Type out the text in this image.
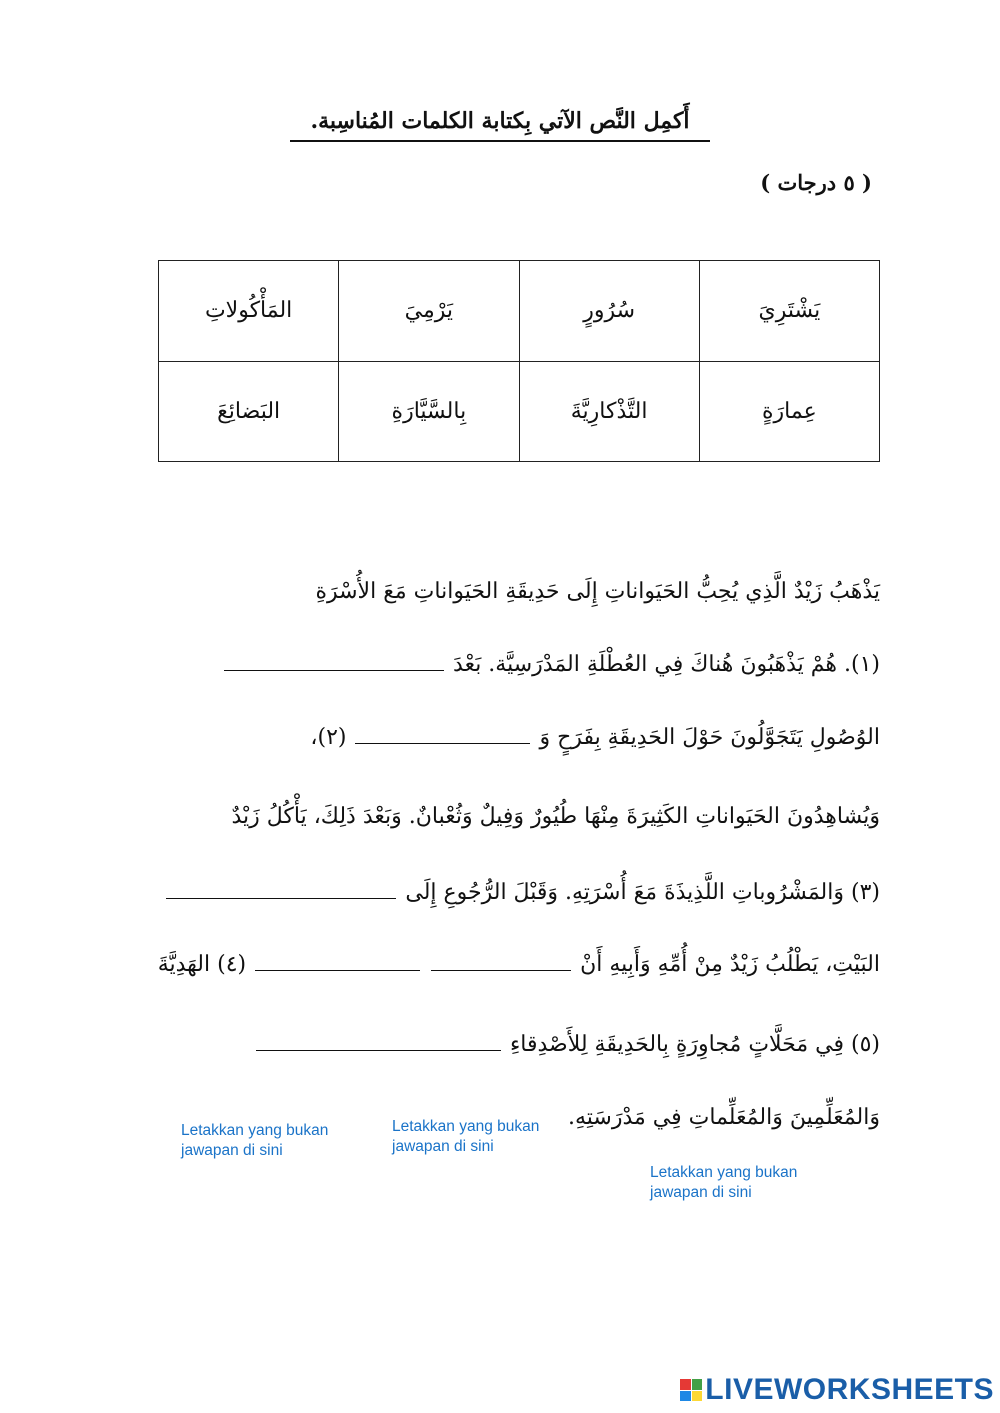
أَكمِل النَّص الآتي بِكتابة الكلمات المُناسِبة.
( ٥ درجات )
يَشْتَرِيَ	سُرُورٍ	يَرْمِيَ	المَأْكُولاتِ
عِمارَةٍ	التَّذْكارِيَّةَ	بِالسَّيَّارَةِ	البَضائِعَ
يَذْهَبُ زَيْدٌ الَّذِي يُحِبُّ الحَيَواناتِ إِلَى حَدِيقَةِ الحَيَواناتِ مَعَ الأُسْرَةِ
(١). هُمْ يَذْهَبُونَ هُناكَ فِي العُطْلَةِ المَدْرَسِيَّة. بَعْدَ
الوُصُولِ يَتَجَوَّلُونَ حَوْلَ الحَدِيقَةِ بِفَرَحٍ وَ  (٢)،
وَيُشاهِدُونَ الحَيَواناتِ الكَثِيرَةَ مِنْهَا طُيُورٌ وَفِيلٌ وَثُعْبانٌ. وَبَعْدَ ذَلِكَ، يَأْكُلُ زَيْدٌ
(٣) وَالمَشْرُوباتِ اللَّذِيذَةَ مَعَ أُسْرَتِهِ. وَقَبْلَ الرُّجُوعِ إِلَى
البَيْتِ، يَطْلُبُ زَيْدٌ مِنْ أُمِّهِ وَأَبِيهِ أَنْ   (٤) الهَدِيَّةَ
(٥) فِي مَحَلَّاتٍ مُجاوِرَةٍ بِالحَدِيقَةِ لِلأَصْدِقاءِ
وَالمُعَلِّمِينَ وَالمُعَلِّماتِ فِي مَدْرَسَتِهِ.
Letakkan yang bukan jawapan di sini
Letakkan yang bukan jawapan di sini
Letakkan yang bukan jawapan di sini
LIVEWORKSHEETS
